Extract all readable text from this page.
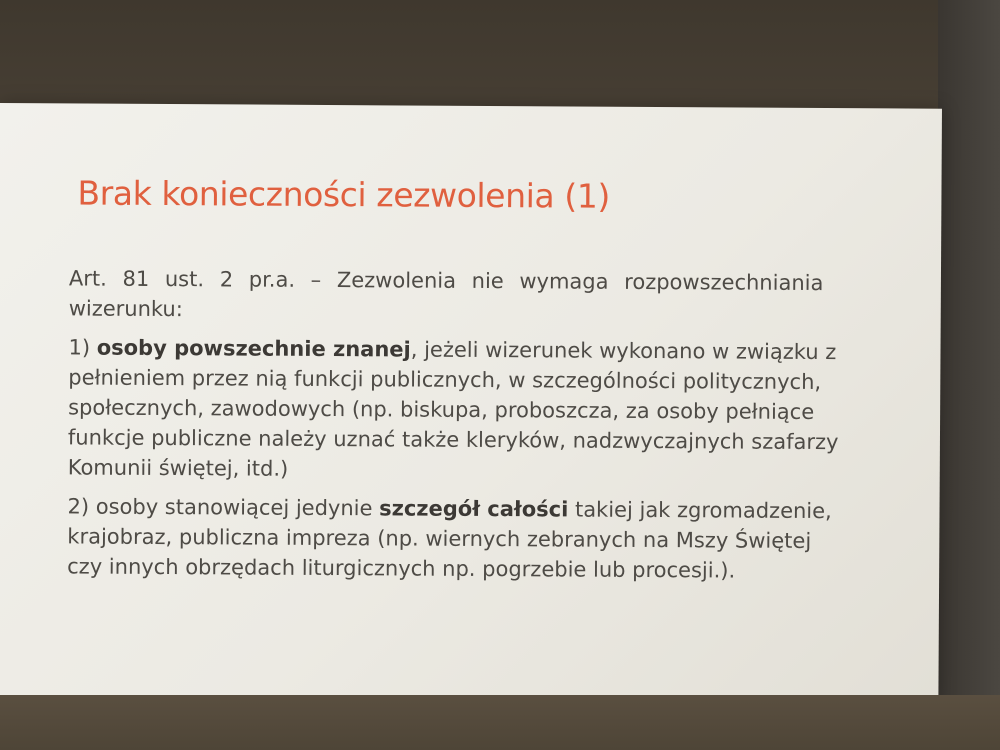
Brak konieczności zezwolenia (1)

Art. 81 ust. 2 pr.a. – Zezwolenia nie wymaga rozpowszechniania
wizerunku:

1) osoby powszechnie znanej, jeżeli wizerunek wykonano w związku z
pełnieniem przez nią funkcji publicznych, w szczególności politycznych,
społecznych, zawodowych (np. biskupa, proboszcza, za osoby pełniące
funkcje publiczne należy uznać także kleryków, nadzwyczajnych szafarzy
Komunii świętej, itd.)

2) osoby stanowiącej jedynie szczegół całości takiej jak zgromadzenie,
krajobraz, publiczna impreza (np. wiernych zebranych na Mszy Świętej
czy innych obrzędach liturgicznych np. pogrzebie lub procesji.).
